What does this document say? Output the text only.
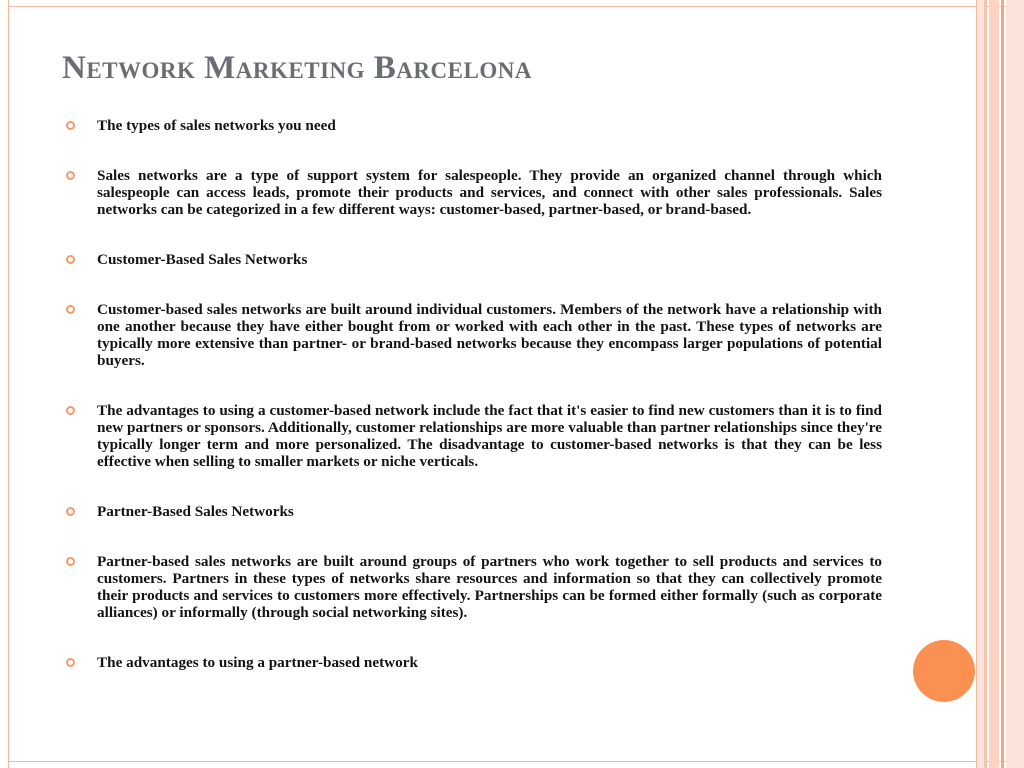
Network Marketing Barcelona
The types of sales networks you need
Sales networks are a type of support system for salespeople. They provide an organized channel through which salespeople can access leads, promote their products and services, and connect with other sales professionals. Sales networks can be categorized in a few different ways: customer-based, partner-based, or brand-based.
Customer-Based Sales Networks
Customer-based sales networks are built around individual customers. Members of the network have a relationship with one another because they have either bought from or worked with each other in the past. These types of networks are typically more extensive than partner- or brand-based networks because they encompass larger populations of potential buyers.
The advantages to using a customer-based network include the fact that it's easier to find new customers than it is to find new partners or sponsors. Additionally, customer relationships are more valuable than partner relationships since they're typically longer term and more personalized. The disadvantage to customer-based networks is that they can be less effective when selling to smaller markets or niche verticals.
Partner-Based Sales Networks
Partner-based sales networks are built around groups of partners who work together to sell products and services to customers. Partners in these types of networks share resources and information so that they can collectively promote their products and services to customers more effectively. Partnerships can be formed either formally (such as corporate alliances) or informally (through social networking sites).
The advantages to using a partner-based network
